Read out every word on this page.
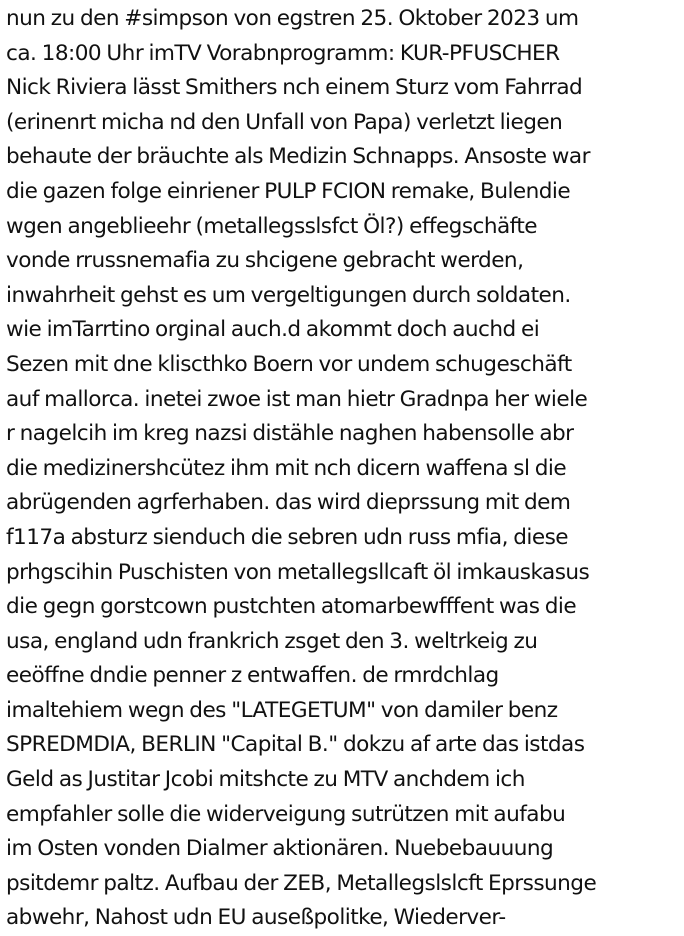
nun zu den #simpson von egstren 25. Oktober 2023 um
ca. 18:00 Uhr imTV Vorabnprogramm: KUR-PFUSCHER
Nick Riviera lässt Smithers nch einem Sturz vom Fahrrad
(erinenrt micha nd den Unfall von Papa) verletzt liegen
behaute der bräuchte als Medizin Schnapps. Ansoste war
die gazen folge einriener PULP FCION remake, Bulendie
wgen angeblieehr (metallegsslsfct Öl?) effegschäfte
vonde rrussnemafia zu shcigene gebracht werden,
inwahrheit gehst es um vergeltigungen durch soldaten.
wie imTarrtino orginal auch.d akommt doch auchd ei
Sezen mit dne klisсthko Boern vor undem schugeschäft
auf mallorca. inetei zwoe ist man hietr Gradnpa her wiele
r nagelcih im kreg nazsi distähle naghen habensolle abr
die medizinershcütez ihm mit nch dicern waffena sl die
abrügenden agrferhaben. das wird dieprssung mit dem
f117a absturz sienduch die sebren udn russ mfia, diese
prhgscihin Puschisten von metallegsllcaft öl imkauskasus
die gegn gorstcown pustchten atomarbewfffent was die
usa, england udn frankrich zsget den 3. weltrkeig zu
eeöffne dndie penner z entwaffen. de rmrdchlag
imaltehiem wegn des "LATEGETUM" von damiler benz
SPREDMDIA, BERLIN "Capital B." dokzu af arte das istdas
Geld as Justitar Jcobi mitshcte zu MTV anchdem ich
empfahler solle die widerveigung sutrützen mit aufabu
im Osten vonden Dialmer aktionären. Nuebebauuung
psitdemr paltz. Aufbau der ZEB, Metallegslslcft Eprssunge
abwehr, Nahost udn EU auseßpolitke, Wiederver-
